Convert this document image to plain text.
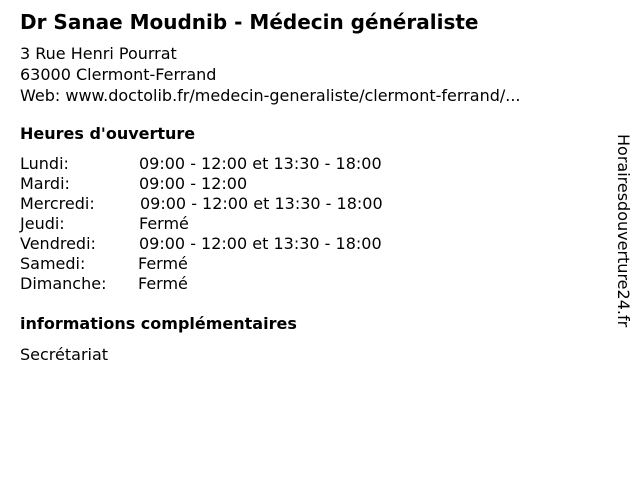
Dr Sanae Moudnib - Médecin généraliste
3 Rue Henri Pourrat
63000 Clermont-Ferrand
Web: www.doctolib.fr/medecin-generaliste/clermont-ferrand/...
Heures d'ouverture
Lundi:	09:00 - 12:00 et 13:30 - 18:00
Mardi:	09:00 - 12:00
Mercredi:	09:00 - 12:00 et 13:30 - 18:00
Jeudi:	Fermé
Vendredi:	09:00 - 12:00 et 13:30 - 18:00
Samedi:	Fermé
Dimanche: Fermé
informations complémentaires
Secrétariat
Horairesdouverture24.fr
